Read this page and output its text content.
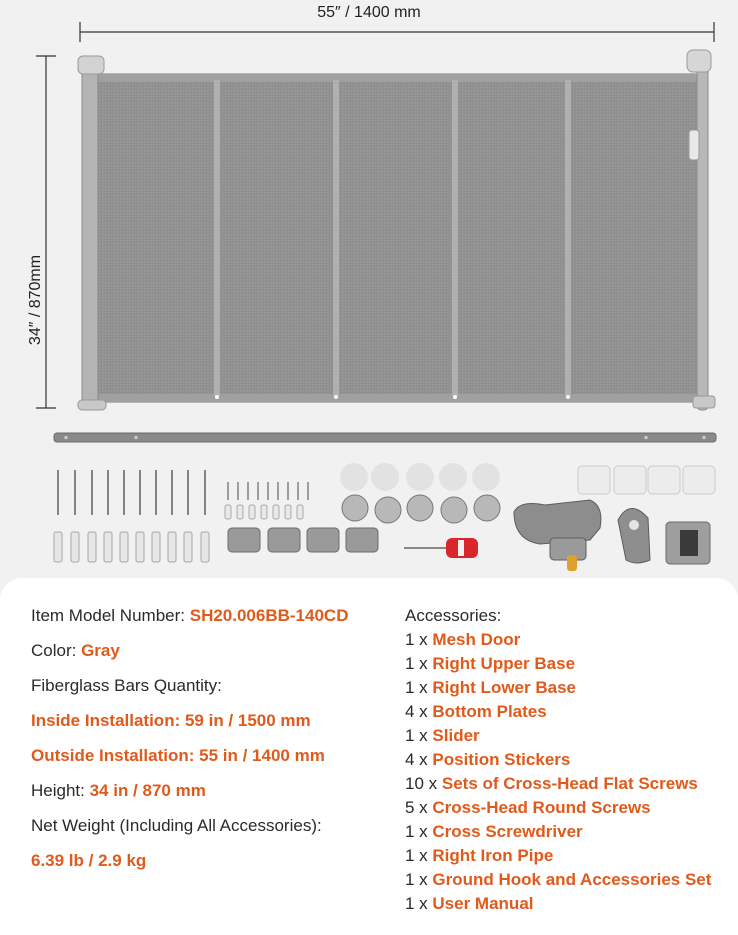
55″ / 1400 mm
34″ / 870mm
Item Model Number: SH20.006BB-140CD
Color: Gray
Fiberglass Bars Quantity:
Inside Installation: 59 in / 1500 mm
Outside Installation: 55 in / 1400 mm
Height: 34 in / 870 mm
Net Weight (Including All Accessories):
6.39 lb / 2.9 kg
Accessories:
1 x Mesh Door
1 x Right Upper Base
1 x Right Lower Base
4 x Bottom Plates
1 x Slider
4 x Position Stickers
10 x Sets of Cross-Head Flat Screws
5 x Cross-Head Round Screws
1 x Cross Screwdriver
1 x Right Iron Pipe
1 x Ground Hook and Accessories Set
1 x User Manual
